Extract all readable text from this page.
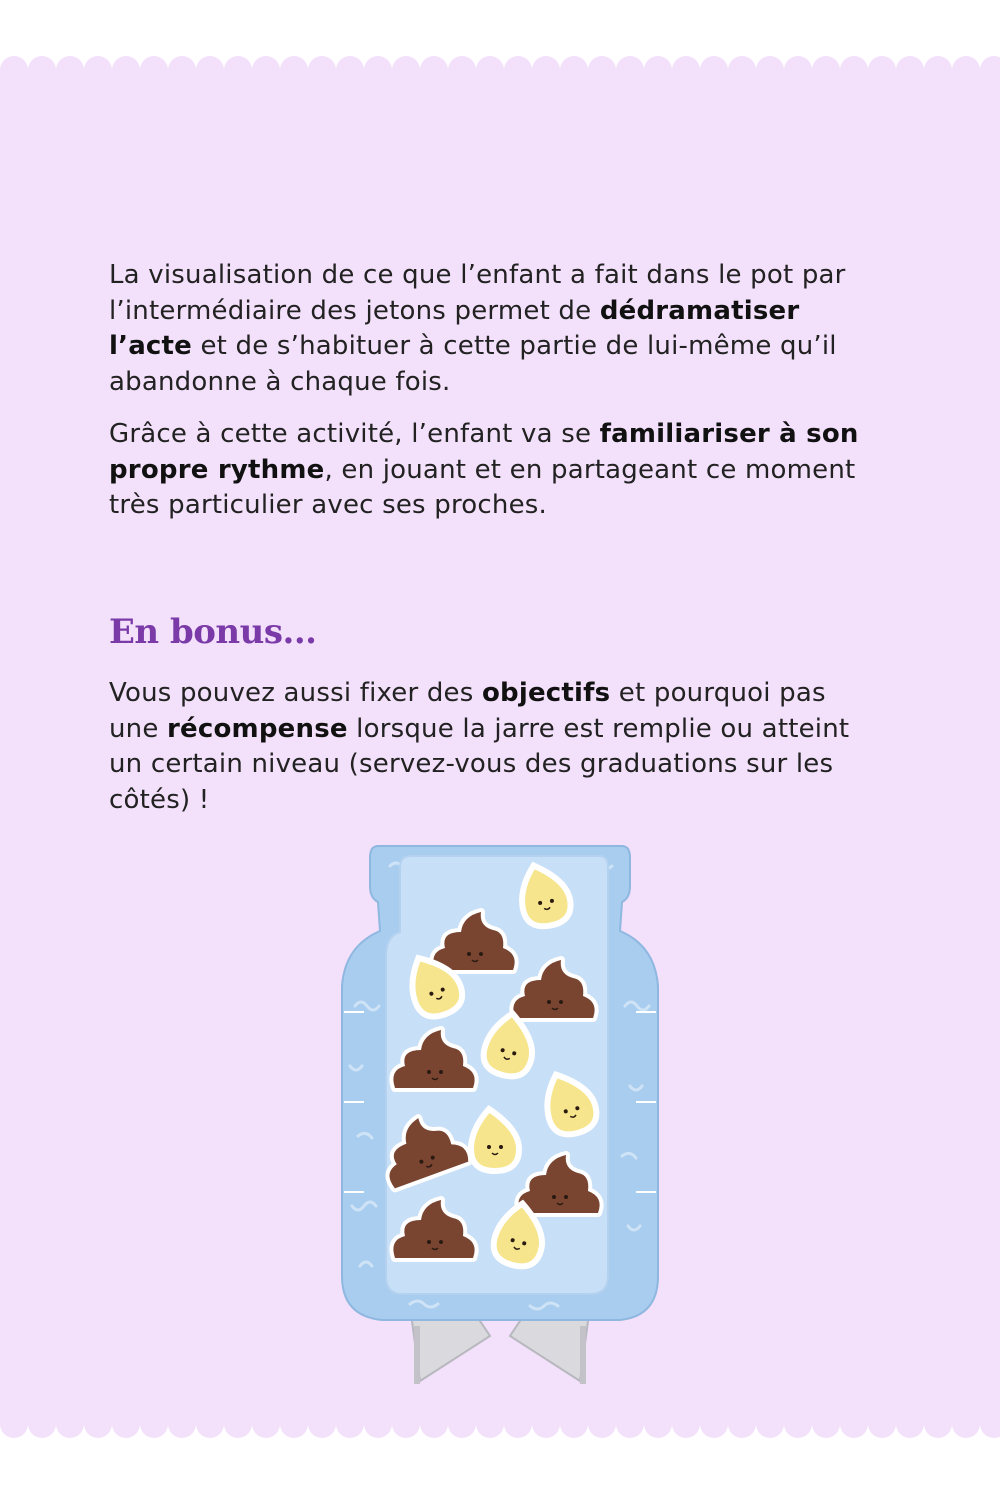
La visualisation de ce que l’enfant a fait dans le pot par l’intermédiaire des jetons permet de dédramatiser l’acte et de s’habituer à cette partie de lui-même qu’il abandonne à chaque fois.

Grâce à cette activité, l’enfant va se familiariser à son propre rythme, en jouant et en partageant ce moment très particulier avec ses proches.

En bonus...

Vous pouvez aussi fixer des objectifs et pourquoi pas une récompense lorsque la jarre est remplie ou atteint un certain niveau (servez-vous des graduations sur les côtés) !
